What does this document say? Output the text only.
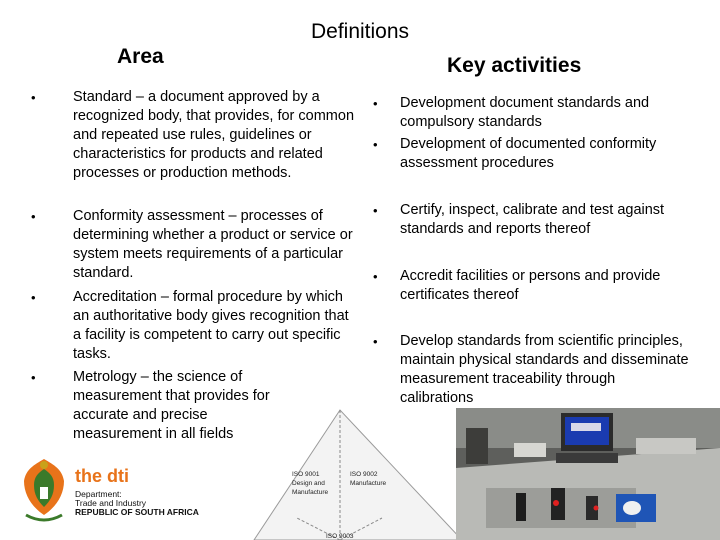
Definitions
Area	Key activities
•	Standard – a document approved by a recognized body, that provides, for common and repeated use rules, guidelines or characteristics for products and related processes or production methods.
•	Conformity assessment – processes of determining whether a product or service or system meets requirements of a particular standard.
•	Accreditation – formal procedure by which an authoritative body gives recognition that a facility is competent to carry out specific tasks.
•	Metrology – the science of measurement that provides for accurate and precise measurement in all fields
• Development document standards and compulsory standards
• Development of documented conformity assessment procedures
• Certify, inspect, calibrate and test against standards and reports thereof
• Accredit facilities or persons and provide certificates thereof
• Develop standards from scientific principles, maintain physical standards and disseminate measurement traceability through calibrations
ISO 9001
Design and
Manufacture
ISO 9002
Manufacture
ISO 9003
the dti
Department:
Trade and Industry
REPUBLIC OF SOUTH AFRICA
